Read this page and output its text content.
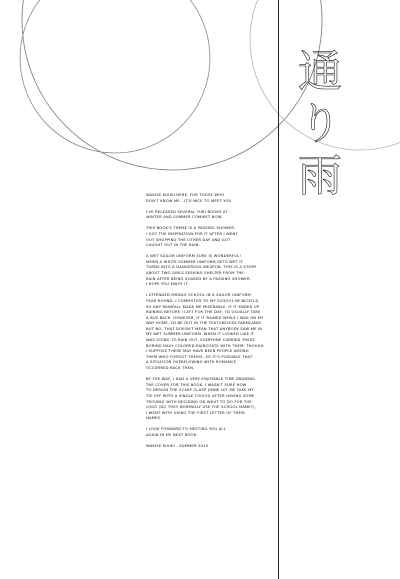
通り雨

WAKISE KUUKI HERE. FOR THOSE WHO
DON'T KNOW ME - IT'S NICE TO MEET YOU.

I'VE RELEASED SEVERAL YURI BOOKS AT
WINTER AND SUMMER COMIKET NOW.

THIS BOOK'S THEME IS A PASSING SHOWER.
I GOT THE INSPIRATION FOR IT AFTER I WENT
OUT SHOPPING THE OTHER DAY AND GOT
CAUGHT OUT IN THE RAIN.

A WET SAILOR UNIFORM SURE IS WONDERFUL!
WHEN A WHITE SUMMER UNIFORM GETS WET IT
TURNS INTO A DANGEROUS WEAPON. THIS IS A STORY
ABOUT TWO GIRLS SEEKING SHELTER FROM THE
RAIN AFTER BEING SOAKED BY A PASSING SHOWER.
I HOPE YOU ENJOY IT.

I ATTENDED MIDDLE SCHOOL IN A SAILOR UNIFORM
YEAR ROUND. I COMMUTED TO MY SCHOOL BY BICYCLE,
SO ANY RAINFALL MADE ME MISERABLE. IF IT ENDED UP
RAINING BEFORE I LEFT FOR THE DAY, I'D USUALLY TAKE
A BUS BACK. HOWEVER, IF IT RAINED WHILE I WAS ON MY
WAY HOME, I'D BE OUT IN THE FEATURELESS FARMLAND!
BUT NO, THAT DOESN'T MEAN THAT ANYBODY SAW ME IN
MY WET SUMMER UNIFORM. WHEN IT LOOKED LIKE IT
WAS GOING TO RAIN OUT, EVERYONE CARRIED THESE
BORING NAVY COLORED RAINCOATS WITH THEM. THOUGH
I SUPPOSE THERE MAY HAVE BEEN PEOPLE AMONG
THEM WHO FORGOT THEIRS, SO IT'S POSSIBLE THAT
A SITUATION OVERFLOWING WITH ROMANCE
OCCURRED BACK THEN.

BY THE WAY, I HAD A VERY ENJOYABLE TIME DRAWING
THE COVER FOR THIS BOOK. I WASN'T SURE HOW
TO DESIGN THE SCARF CLASP (MINE LET ME TAKE MY
TIE OFF WITH A SINGLE TOUCH) AFTER HAVING SOME
TROUBLE WITH DECIDING ON WHAT TO DO FOR THE
LOGO (DO THEY NORMALLY USE THE SCHOOL NAME?),
I WENT WITH USING THE FIRST LETTER OF THEIR
NAMES.

I LOOK FORWARD TO MEETING YOU ALL
AGAIN IN MY NEXT BOOK.

WAKISE KUUKI - SUMMER 2010
